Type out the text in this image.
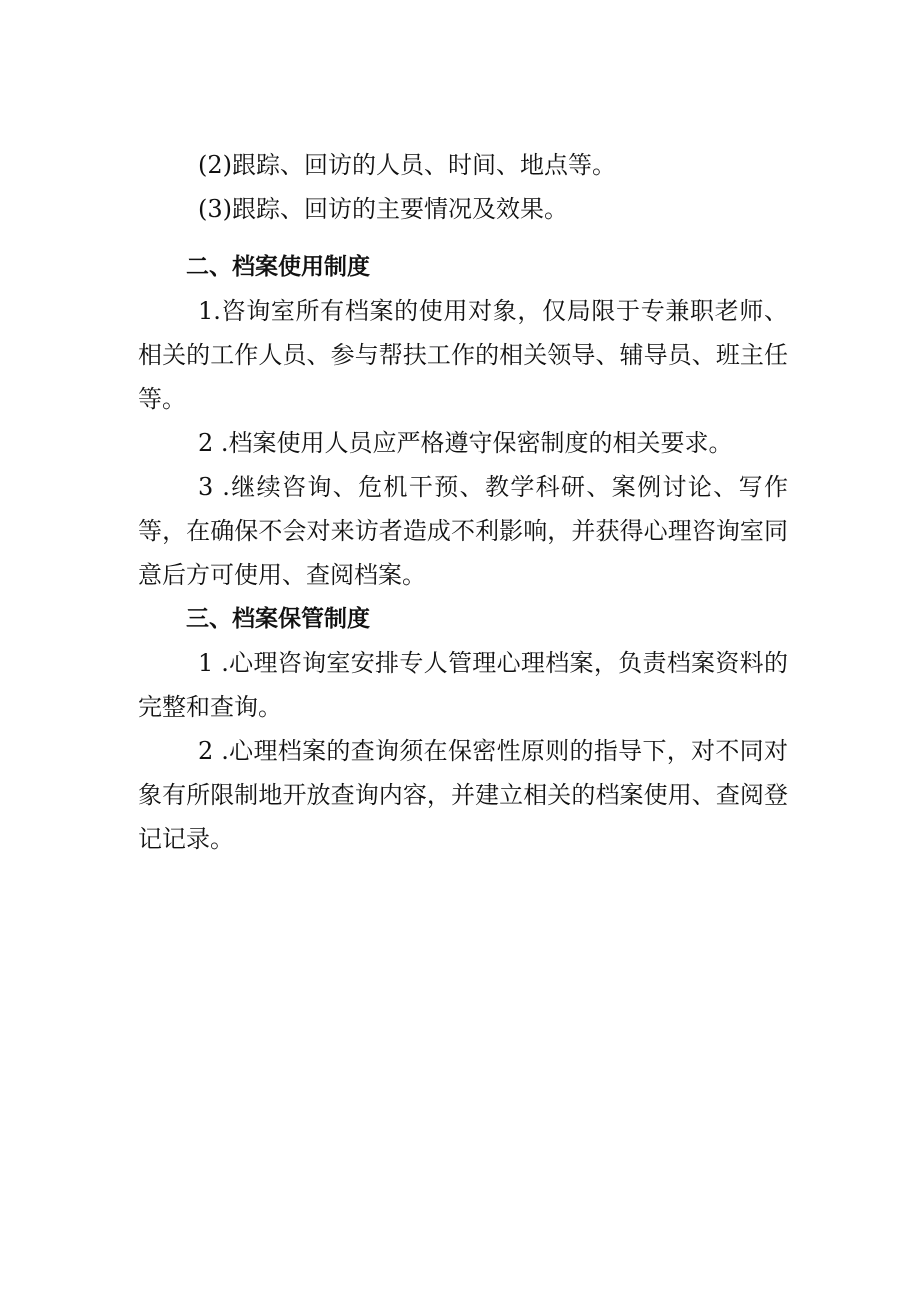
(2)跟踪、回访的人员、时间、地点等。

(3)跟踪、回访的主要情况及效果。

二、档案使用制度

1.咨询室所有档案的使用对象，仅局限于专兼职老师、相关的工作人员、参与帮扶工作的相关领导、辅导员、班主任等。

2 .档案使用人员应严格遵守保密制度的相关要求。

3 .继续咨询、危机干预、教学科研、案例讨论、写作等，在确保不会对来访者造成不利影响，并获得心理咨询室同意后方可使用、查阅档案。

三、档案保管制度

1 .心理咨询室安排专人管理心理档案，负责档案资料的完整和查询。

2 .心理档案的查询须在保密性原则的指导下，对不同对象有所限制地开放查询内容，并建立相关的档案使用、查阅登记记录。
